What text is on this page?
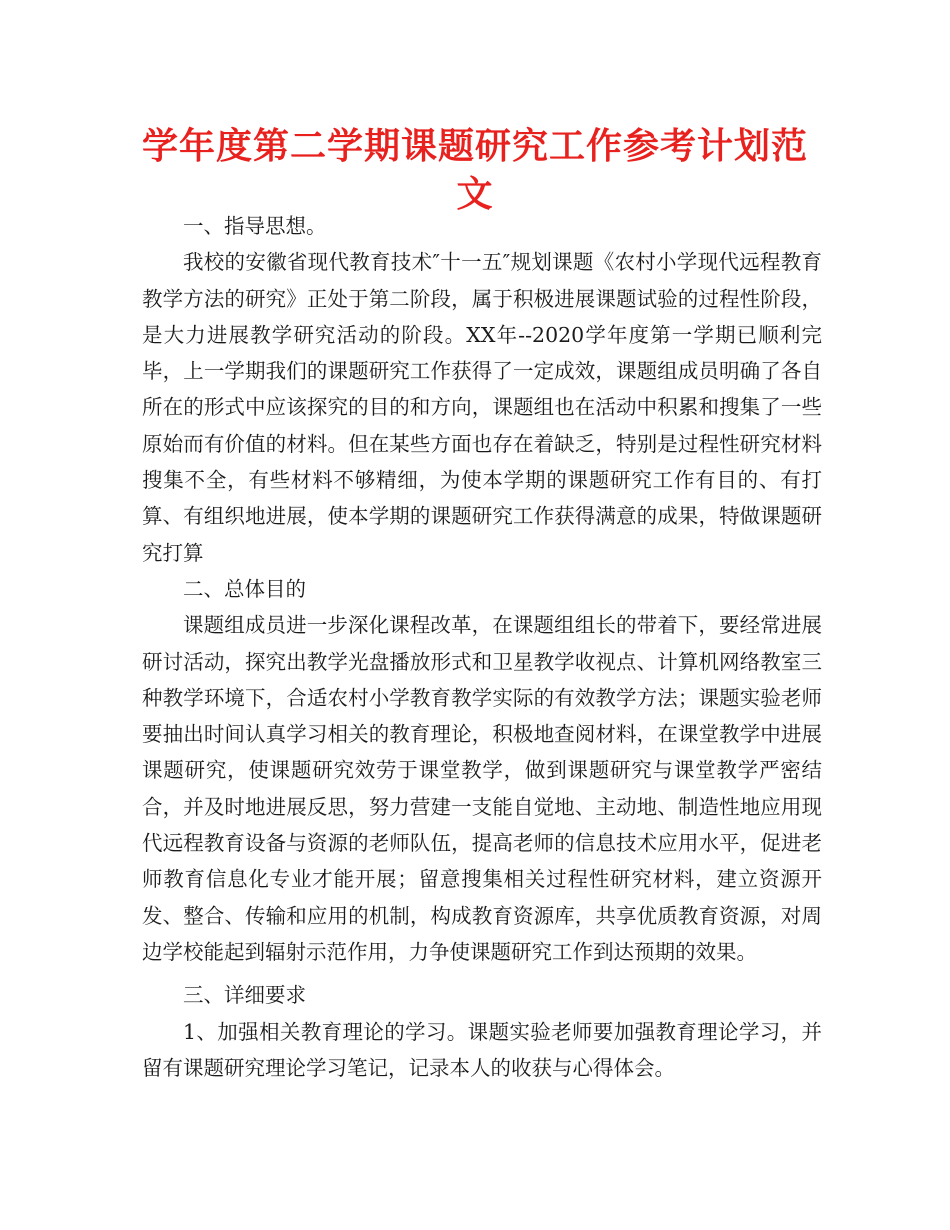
学年度第二学期课题研究工作参考计划范文

一、指导思想。

我校的安徽省现代教育技术″十一五″规划课题《农村小学现代远程教育教学方法的研究》正处于第二阶段，属于积极进展课题试验的过程性阶段，是大力进展教学研究活动的阶段。XX年--2020学年度第一学期已顺利完毕，上一学期我们的课题研究工作获得了一定成效，课题组成员明确了各自所在的形式中应该探究的目的和方向，课题组也在活动中积累和搜集了一些原始而有价值的材料。但在某些方面也存在着缺乏，特别是过程性研究材料搜集不全，有些材料不够精细，为使本学期的课题研究工作有目的、有打算、有组织地进展，使本学期的课题研究工作获得满意的成果，特做课题研究打算

二、总体目的

课题组成员进一步深化课程改革，在课题组组长的带着下，要经常进展研讨活动，探究出教学光盘播放形式和卫星教学收视点、计算机网络教室三种教学环境下，合适农村小学教育教学实际的有效教学方法；课题实验老师要抽出时间认真学习相关的教育理论，积极地查阅材料，在课堂教学中进展课题研究，使课题研究效劳于课堂教学，做到课题研究与课堂教学严密结合，并及时地进展反思，努力营建一支能自觉地、主动地、制造性地应用现代远程教育设备与资源的老师队伍，提高老师的信息技术应用水平，促进老师教育信息化专业才能开展；留意搜集相关过程性研究材料，建立资源开发、整合、传输和应用的机制，构成教育资源库，共享优质教育资源，对周边学校能起到辐射示范作用，力争使课题研究工作到达预期的效果。

三、详细要求

1、加强相关教育理论的学习。课题实验老师要加强教育理论学习，并留有课题研究理论学习笔记，记录本人的收获与心得体会。
